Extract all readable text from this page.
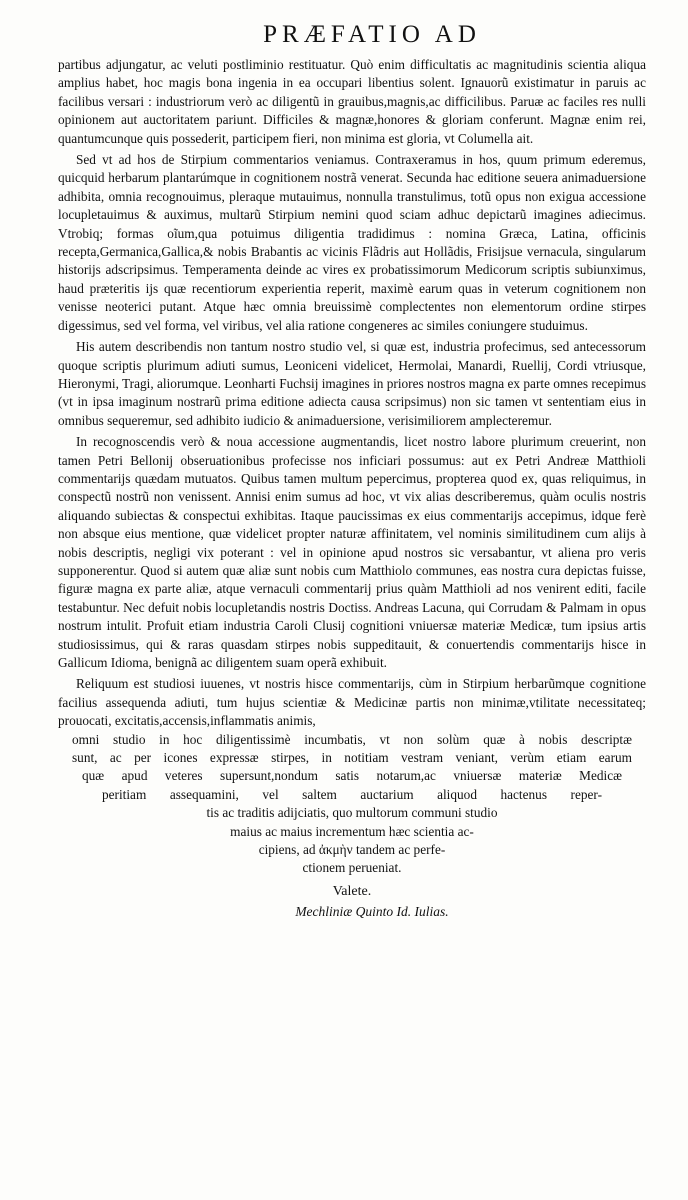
PRÆFATIO AD

partibus adjungatur, ac veluti postliminio restituatur. Quò enim difficultatis ac magnitudinis scientia aliqua amplius habet, hoc magis bona ingenia in ea occupari libentius solent. Ignauorũ existimatur in paruis ac facilibus versari : industriorum verò ac diligentũ in grauibus,magnis,ac difficilibus. Paruæ ac faciles res nulli opinionem aut auctoritatem pariunt. Difficiles & magnæ,honores & gloriam conferunt. Magnæ enim rei, quantumcunque quis possederit, participem fieri, non minima est gloria, vt Columella ait.

Sed vt ad hos de Stirpium commentarios veniamus. Contraxeramus in hos, quum primum ederemus, quicquid herbarum plantarúmque in cognitionem nostrã venerat. Secunda hac editione seuera animaduersione adhibita, omnia recognouimus, pleraque mutauimus, nonnulla transtulimus, totũ opus non exigua accessione locupletauimus & auximus, multarũ Stirpium nemini quod sciam adhuc depictarũ imagines adiecimus. Vtrobiq; formas oĩum,qua potuimus diligentia tradidimus : nomina Græca, Latina, officinis recepta,Germanica,Gallica,& nobis Brabantis ac vicinis Flãdris aut Hollãdis, Frisijsue vernacula, singularum historijs adscripsimus. Temperamenta deinde ac vires ex probatissimorum Medicorum scriptis subiunximus, haud præteritis ijs quæ recentiorum experientia reperit, maximè earum quas in veterum cognitionem non venisse neoterici putant. Atque hæc omnia breuissimè complectentes non elementorum ordine stirpes digessimus, sed vel forma, vel viribus, vel alia ratione congeneres ac similes coniungere studuimus.

His autem describendis non tantum nostro studio vel, si quæ est, industria profecimus, sed antecessorum quoque scriptis plurimum adiuti sumus, Leoniceni videlicet, Hermolai, Manardi, Ruellij, Cordi vtriusque, Hieronymi, Tragi, aliorumque. Leonharti Fuchsij imagines in priores nostros magna ex parte omnes recepimus (vt in ipsa imaginum nostrarũ prima editione adiecta causa scripsimus) non sic tamen vt sententiam eius in omnibus sequeremur, sed adhibito iudicio & animaduersione, verisimiliorem amplecteremur.

In recognoscendis verò & noua accessione augmentandis, licet nostro labore plurimum creuerint, non tamen Petri Bellonij obseruationibus profecisse nos inficiari possumus: aut ex Petri Andreæ Matthioli commentarijs quædam mutuatos. Quibus tamen multum pepercimus, propterea quod ex, quas reliquimus, in conspectũ nostrũ non venissent. Annisi enim sumus ad hoc, vt vix alias describeremus, quàm oculis nostris aliquando subiectas & conspectui exhibitas. Itaque paucissimas ex eius commentarijs accepimus, idque ferè non absque eius mentione, quæ videlicet propter naturæ affinitatem, vel nominis similitudinem cum alijs à nobis descriptis, negligi vix poterant : vel in opinione apud nostros sic versabantur, vt aliena pro veris supponerentur. Quod si autem quæ aliæ sunt nobis cum Matthiolo communes, eas nostra cura depictas fuisse, figuræ magna ex parte aliæ, atque vernaculi commentarij prius quàm Matthioli ad nos venirent editi, facile testabuntur. Nec defuit nobis locupletandis nostris Doctiss. Andreas Lacuna, qui Corrudam & Palmam in opus nostrum intulit. Profuit etiam industria Caroli Clusij cognitioni vniuersæ materiæ Medicæ, tum ipsius artis studiosissimus, qui & raras quasdam stirpes nobis suppeditauit, & conuertendis commentarijs hisce in Gallicum Idioma, benignã ac diligentem suam operã exhibuit.

Reliquum est studiosi iuuenes, vt nostris hisce commentarijs, cùm in Stirpium herbarũmque cognitione facilius assequenda adiuti, tum hujus scientiæ & Medicinæ partis non minimæ,vtilitate necessitateq; prouocati, excitatis,accensis,inflammatis animis,

omni studio in hoc diligentissimè incumbatis, vt non solùm quæ à nobis descriptæ
sunt, ac per icones expressæ stirpes, in notitiam vestram veniant, verùm etiam earum
quæ apud veteres supersunt,nondum satis notarum,ac vniuersæ materiæ Medicæ
peritiam assequamini, vel saltem auctarium aliquod hactenus reper-
tis ac traditis adijciatis, quo multorum communi studio
maius ac maius incrementum hæc scientia ac-
cipiens, ad ἀκμὴν tandem ac perfe-
ctionem perueniat.
Valete.
Mechliniæ Quinto Id. Iulias.
